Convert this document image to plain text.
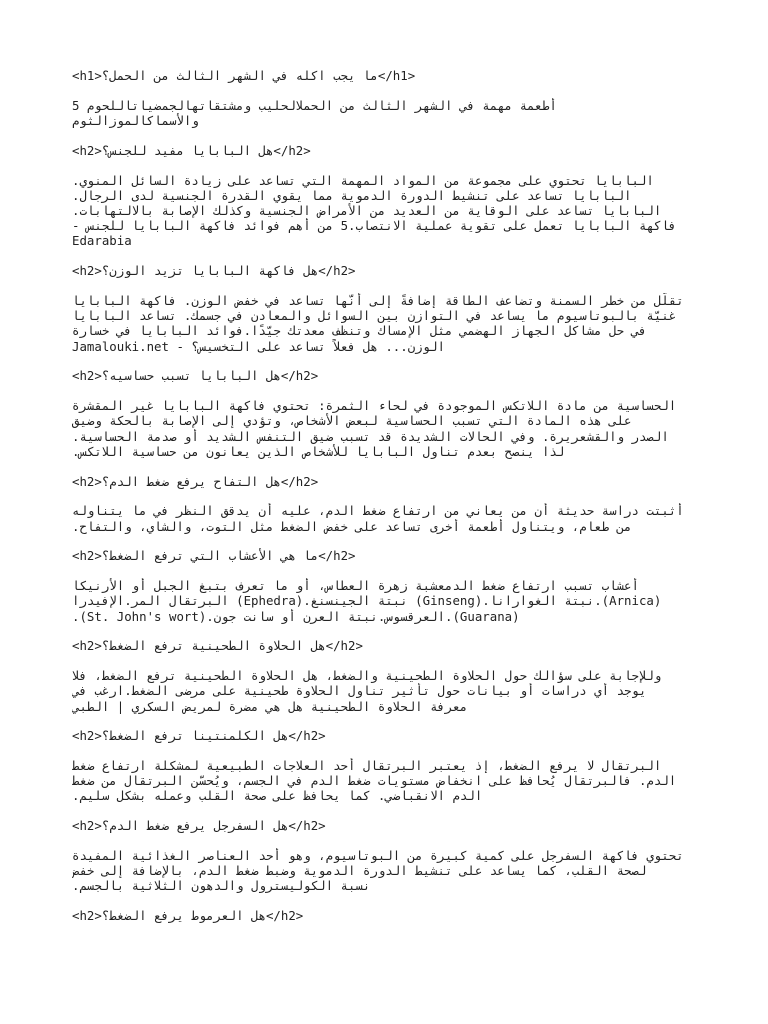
<h1>ما يجب اكله في الشهر الثالث من الحمل؟</h1>
أطعمة مهمة في الشهر الثالث من الحملالحليب ومشتقاتهالجمضياتاللحوم 5
والأسماكالموزالثوم
<h2>هل البابايا مفيد للجنس؟</h2>
البابايا تحتوي على مجموعة من المواد المهمة التي تساعد على زيادة السائل المنوي.
البابايا تساعد على تنشيط الدورة الدموية مما يقوي القدرة الجنسية لدى الرجال.
البابايا تساعد على الوقاية من العديد من الأمراض الجنسية وكذلك الإصابة بالالتهابات.
فاكهة البابايا تعمل على تقوية عملية الانتصاب.5 من أهم فوائد فاكهة البابايا للجنس -
Edarabia
<h2>هل فاكهة البابايا تزيد الوزن؟</h2>
تقلّل من خطر السمنة وتضاعف الطاقة إضافةً إلى أنّها تساعد في خفض الوزن. فاكهة البابايا
غنيّة بالبوتاسيوم ما يساعد في التوازن بين السوائل والمعادن في جسمك. تساعد البابايا
في حل مشاكل الجهاز الهضمي مثل الإمساك وتنظف معدتك جيّدًا.فوائد البابايا في خسارة
الوزن... هل فعلاً تساعد على التخسيس؟ - Jamalouki.net
<h2>هل البابايا تسبب حساسيه؟</h2>
الحساسية من مادة اللاتكس الموجودة في لحاء الثمرة: تحتوي فاكهة البابايا غير المقشرة
على هذه المادة التي تسبب الحساسية لبعض الأشخاص، وتؤدي إلى الإصابة بالحكة وضيق
الصدر والقشعريرة. وفي الحالات الشديدة قد تسبب ضيق التنفس الشديد أو صدمة الحساسية.
لذا ينصح بعدم تناول البابايا للأشخاص الذين يعانون من حساسية اللاتكس.
<h2>هل التفاح يرفع ضغط الدم؟</h2>
أثبتت دراسة حديثة أن من يعاني من ارتفاع ضغط الدم، عليه أن يدقق النظر في ما يتناوله
من طعام، ويتناول أطعمة أخرى تساعد على خفض الضغط مثل التوت، والشاي، والتفاح.
<h2>ما هي الأعشاب التي ترفع الضغط؟</h2>
أعشاب تسبب ارتفاع ضغط الدمعشبة زهرة العطاس، أو ما تعرف بتبغ الجبل أو الأرنيكا
(Arnica).نبتة الغوارانا.(Ginseng) نبتة الجينسنغ.(Ephedra) البرتقال المر.الإفيدرا
(Guarana).العرقسوس.نبتة العرن أو سانت جون.(St. John's wort).
<h2>هل الحلاوة الطحينية ترفع الضغط؟</h2>
وللإجابة على سؤالك حول الحلاوة الطحينية والضغط، هل الحلاوة الطحينية ترفع الضغط، فلا
يوجد أي دراسات أو بيانات حول تأثير تناول الحلاوة طحينية على مرضى الضغط.ارغب في
معرفة الحلاوة الطحينية هل هي مضرة لمريض السكري | الطبي
<h2>هل الكلمنتينا ترفع الضغط؟</h2>
البرتقال لا يرفع الضغط، إذ يعتبر البرتقال أحد العلاجات الطبيعية لمشكلة ارتفاع ضغط
الدم. فالبرتقال يُحافظ على انخفاض مستويات ضغط الدم في الجسم، ويُحسّن البرتقال من ضغط
الدم الانقباضي. كما يحافظ على صحة القلب وعمله بشكل سليم.
<h2>هل السفرجل يرفع ضغط الدم؟</h2>
تحتوي فاكهة السفرجل على كمية كبيرة من البوتاسيوم، وهو أحد العناصر الغذائية المفيدة
لصحة القلب، كما يساعد على تنشيط الدورة الدموية وضبط ضغط الدم، بالإضافة إلى خفض
نسبة الكوليسترول والدهون الثلاثية بالجسم.
<h2>هل العرموط يرفع الضغط؟</h2>
